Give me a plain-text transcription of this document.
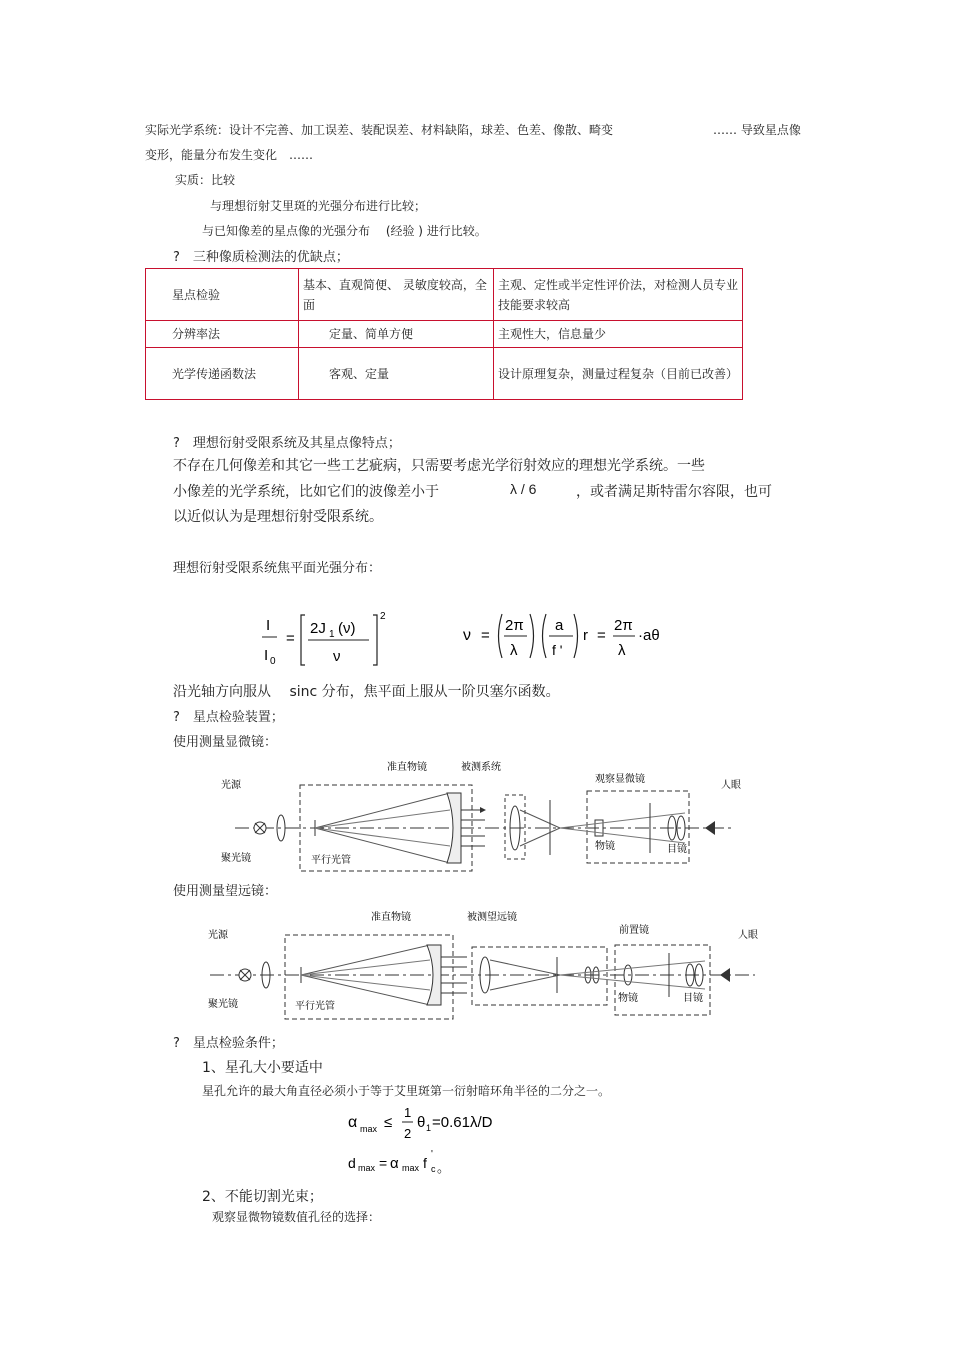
实际光学系统：设计不完善、加工误差、装配误差、材料缺陷，球差、色差、像散、畸变	…… 导致星点像
变形，能量分布发生变化　……
实质：比较
与理想衍射艾里斑的光强分布进行比较；
与已知像差的星点像的光强分布　 (经验 ) 进行比较。
?　三种像质检测法的优缺点；
星点检验	基本、直观简便、 灵敏度较高，全面	主观、定性或半定性评价法，对检测人员专业技能要求较高
分辨率法	定量、简单方便	主观性大，信息量少
光学传递函数法	客观、定量	设计原理复杂，测量过程复杂（目前已改善）
?　理想衍射受限系统及其星点像特点；
不存在几何像差和其它一些工艺疵病，只需要考虑光学衍射效应的理想光学系统。一些
小像差的光学系统，比如它们的波像差小于	λ / 6	，或者满足斯特雷尔容限，也可
以近似认为是理想衍射受限系统。
理想衍射受限系统焦平面光强分布：
I
I 0
=
2J 1 (ν)
ν
2
ν =
2π
λ
a
f '
r =
2π
λ
·aθ
沿光轴方向服从　 sinc 分布，焦平面上服从一阶贝塞尔函数。
?　星点检验装置；
使用测量显微镜：
光源
聚光镜
准直物镜
平行光管
被测系统
观察显微镜
物镜	目镜
人眼
使用测量望远镜：
光源
聚光镜
准直物镜
平行光管
被测望远镜
前置镜
物镜	目镜
人眼
?　星点检验条件；
1、星孔大小要适中
星孔允许的最大角直径必须小于等于艾里斑第一衍射暗环角半径的二分之一。
α max ≤
1
2
θ 1 =0.61λ/D
d max = α max f
'
c 。
2、不能切割光束；
观察显微物镜数值孔径的选择：
